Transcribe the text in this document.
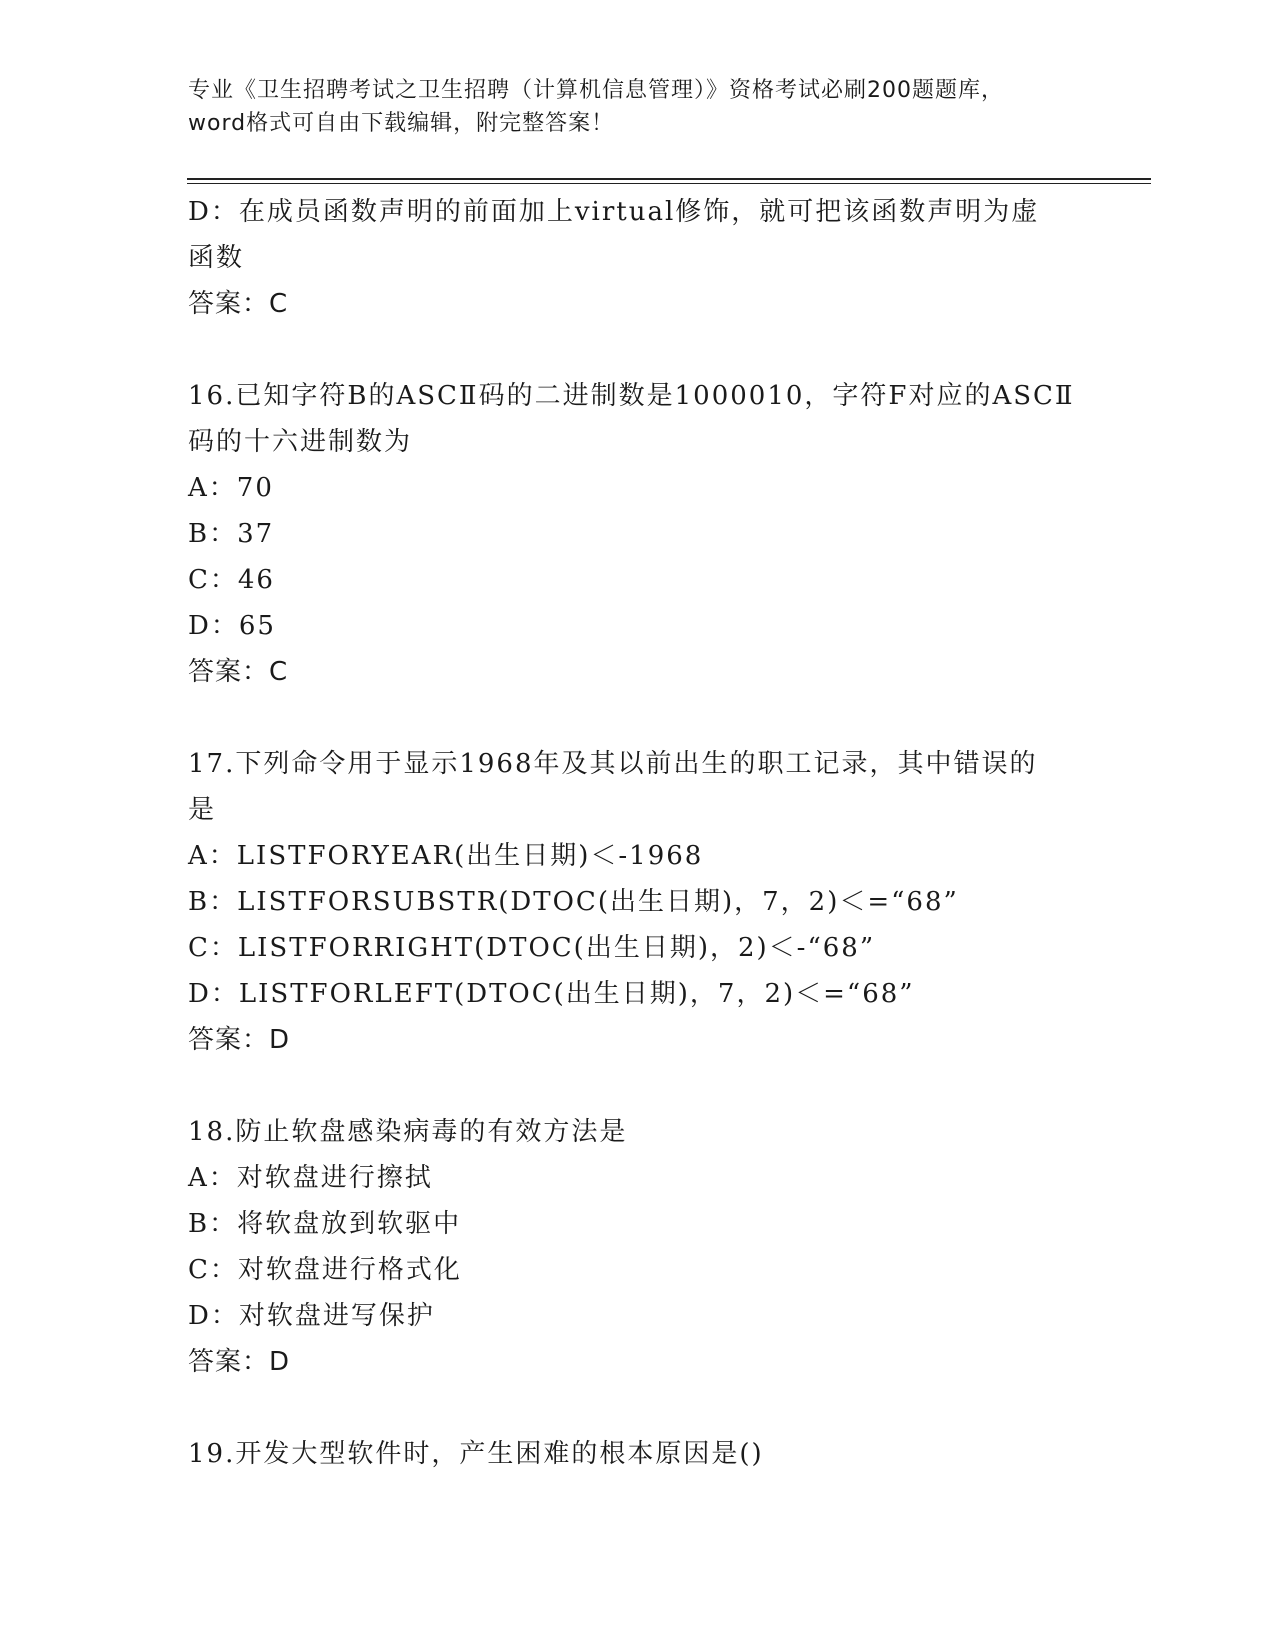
专业《卫生招聘考试之卫生招聘（计算机信息管理）》资格考试必刷200题题库，
word格式可自由下载编辑，附完整答案！
D：在成员函数声明的前面加上virtual修饰，就可把该函数声明为虚
函数
答案：C
16.已知字符B的ASCⅡ码的二进制数是1000010，字符F对应的ASCⅡ
码的十六进制数为
A：70
B：37
C：46
D：65
答案：C
17.下列命令用于显示1968年及其以前出生的职工记录，其中错误的
是
A：LISTFORYEAR(出生日期)＜-1968
B：LISTFORSUBSTR(DTOC(出生日期)，7，2)＜=“68”
C：LISTFORRIGHT(DTOC(出生日期)，2)＜-“68”
D：LISTFORLEFT(DTOC(出生日期)，7，2)＜=“68”
答案：D
18.防止软盘感染病毒的有效方法是
A：对软盘进行擦拭
B：将软盘放到软驱中
C：对软盘进行格式化
D：对软盘进写保护
答案：D
19.开发大型软件时，产生困难的根本原因是()
